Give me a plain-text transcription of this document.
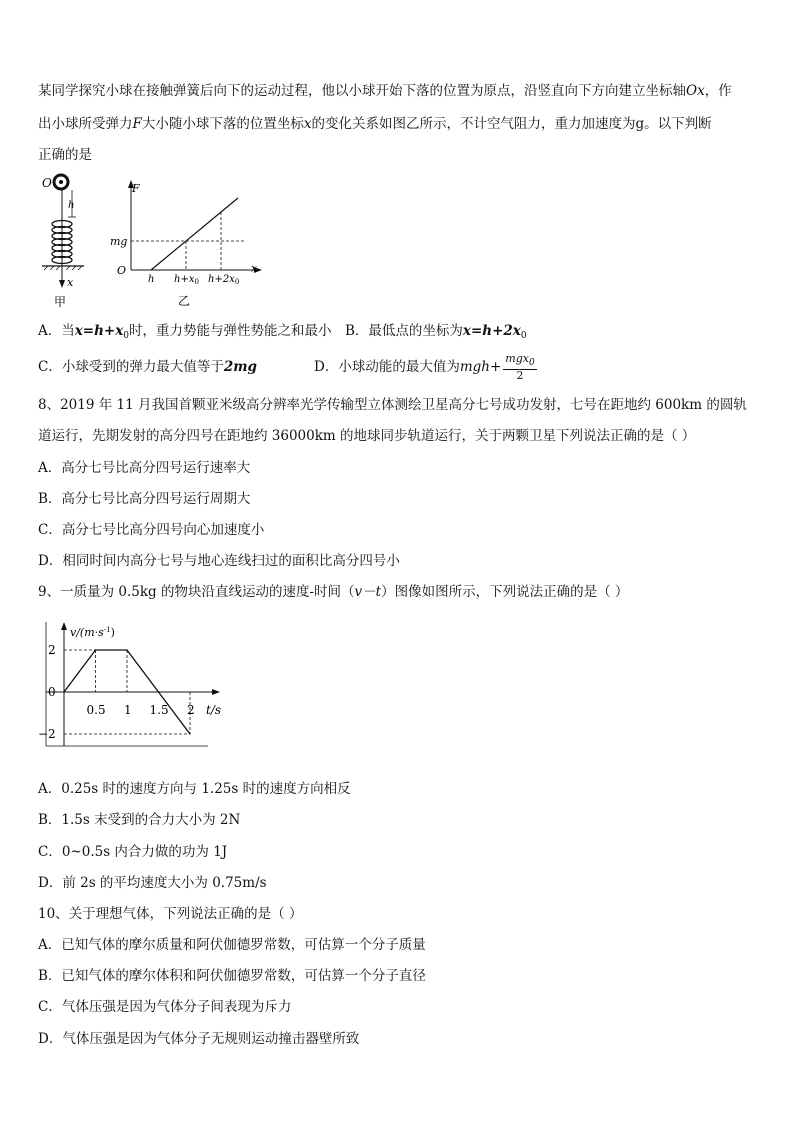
某同学探究小球在接触弹簧后向下的运动过程，他以小球开始下落的位置为原点，沿竖直向下方向建立坐标轴Ox，作
出小球所受弹力F大小随小球下落的位置坐标x的变化关系如图乙所示，不计空气阻力，重力加速度为g。以下判断
正确的是
O
h
x
甲
F
mg
O	x
h $h+x_0$ $h+2x_0$
乙
A．当$x=h+x_0$时，重力势能与弹性势能之和最小 B．最低点的坐标为$x=h+2x_0$
C．小球受到的弹力最大值等于2mg	D．小球动能的最大值为$mgh+ \frac{mgx_0}{2}$
8、2019 年 11 月我国首颗亚米级高分辨率光学传输型立体测绘卫星高分七号成功发射，七号在距地约 600km 的圆轨
道运行，先期发射的高分四号在距地约 36000km 的地球同步轨道运行，关于两颗卫星下列说法正确的是（ ）
A．高分七号比高分四号运行速率大
B．高分七号比高分四号运行周期大
C．高分七号比高分四号向心加速度小
D．相同时间内高分七号与地心连线扫过的面积比高分四号小
9、一质量为 0.5kg 的物块沿直线运动的速度-时间（v－t）图像如图所示，下列说法正确的是（ ）
$v/(m\cdot s^{-1})$
2
0
−2
0.5 1 1.5 2 t/s
A．0.25s 时的速度方向与 1.25s 时的速度方向相反
B．1.5s 末受到的合力大小为 2N
C．0~0.5s 内合力做的功为 1J
D．前 2s 的平均速度大小为 0.75m/s
10、关于理想气体，下列说法正确的是（ ）
A．已知气体的摩尔质量和阿伏伽德罗常数，可估算一个分子质量
B．已知气体的摩尔体积和阿伏伽德罗常数，可估算一个分子直径
C．气体压强是因为气体分子间表现为斥力
D．气体压强是因为气体分子无规则运动撞击器壁所致
